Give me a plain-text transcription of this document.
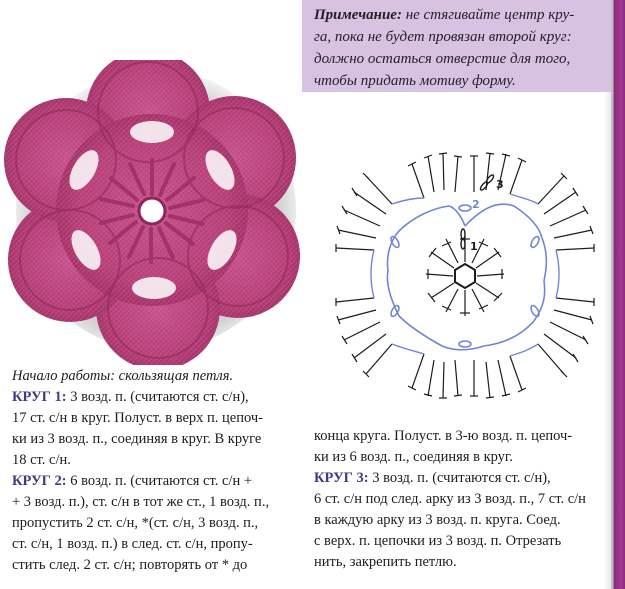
Примечание: не стягивайте центр кру-
га, пока не будет провязан второй круг:
должно остаться отверстие для того,
чтобы придать мотиву форму.
1
2
3
Начало работы: скользящая петля.
КРУГ 1: 3 возд. п. (считаются ст. с/н),
17 ст. с/н в круг. Полуст. в верх п. цепоч-
ки из 3 возд. п., соединяя в круг. В круге
18 ст. с/н.
КРУГ 2: 6 возд. п. (считаются ст. с/н +
+ 3 возд. п.), ст. с/н в тот же ст., 1 возд. п.,
пропустить 2 ст. с/н, *(ст. с/н, 3 возд. п.,
ст. с/н, 1 возд. п.) в след. ст. с/н, пропу-
стить след. 2 ст. с/н; повторять от * до
конца круга. Полуст. в 3-ю возд. п. цепоч-
ки из 6 возд. п., соединяя в круг.
КРУГ 3: 3 возд. п. (считаются ст. с/н),
6 ст. с/н под след. арку из 3 возд. п., 7 ст. с/н
в каждую арку из 3 возд. п. круга. Соед.
с верх. п. цепочки из 3 возд. п. Отрезать
нить, закрепить петлю.
